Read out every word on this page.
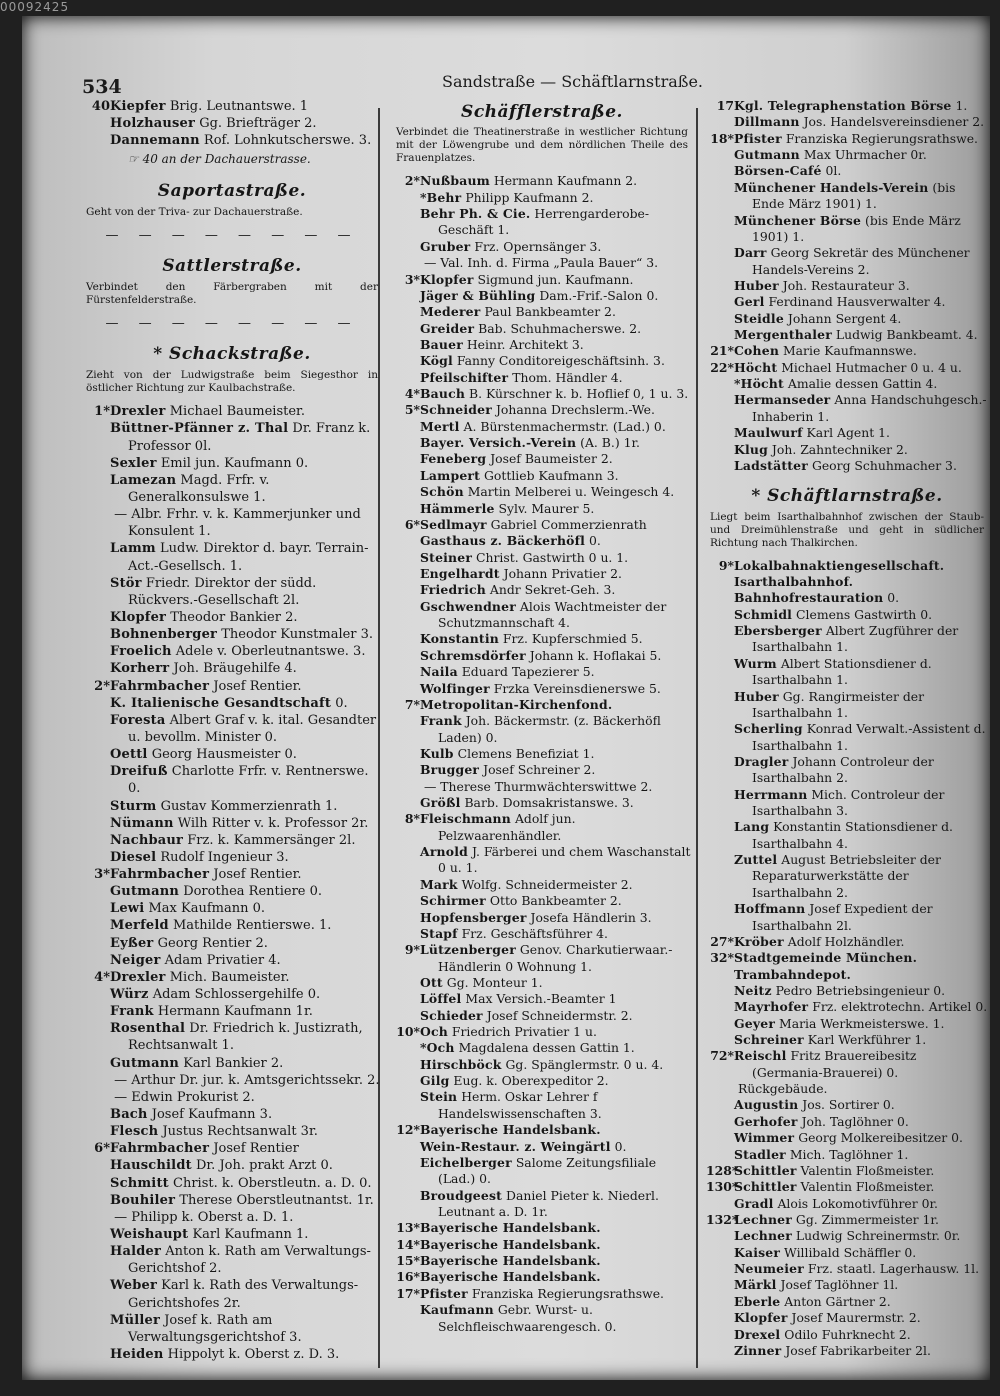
00092425
534	Sandstraße — Schäftlarnstraße.

40Kiepfer Brig. Leutnantswe. 1

Holzhauser Gg. Briefträger 2.

Dannemann Rof. Lohnkutscherswe. 3.

☞ 40 an der Dachauerstrasse.

Saportastraße.

Geht von der Triva- zur Dachauerstraße.

— — — — — — — —
Sattlerstraße.

Verbindet den Färbergraben mit der Fürstenfelderstraße.

— — — — — — — —
* Schackstraße.

Zieht von der Ludwigstraße beim Siegesthor in östlicher Richtung zur Kaulbachstraße.

1*Drexler Michael Baumeister.

Büttner-Pfänner z. Thal Dr. Franz k. Professor 0l.

Sexler Emil jun. Kaufmann 0.

Lamezan Magd. Frfr. v. Generalkonsulswe 1.

— Albr. Frhr. v. k. Kammerjunker und Konsulent 1.

Lamm Ludw. Direktor d. bayr. Terrain-Act.-Gesellsch. 1.

Stör Friedr. Direktor der südd. Rückvers.-Gesellschaft 2l.

Klopfer Theodor Bankier 2.

Bohnenberger Theodor Kunstmaler 3.

Froelich Adele v. Oberleutnantswe. 3.

Korherr Joh. Bräugehilfe 4.

2*Fahrmbacher Josef Rentier.

K. Italienische Gesandtschaft 0.

Foresta Albert Graf v. k. ital. Gesandter u. bevollm. Minister 0.

Oettl Georg Hausmeister 0.

Dreifuß Charlotte Frfr. v. Rentnerswe. 0.

Sturm Gustav Kommerzienrath 1.

Nümann Wilh Ritter v. k. Professor 2r.

Nachbaur Frz. k. Kammersänger 2l.

Diesel Rudolf Ingenieur 3.

3*Fahrmbacher Josef Rentier.

Gutmann Dorothea Rentiere 0.

Lewi Max Kaufmann 0.

Merfeld Mathilde Rentierswe. 1.

Eyßer Georg Rentier 2.

Neiger Adam Privatier 4.

4*Drexler Mich. Baumeister.

Würz Adam Schlossergehilfe 0.

Frank Hermann Kaufmann 1r.

Rosenthal Dr. Friedrich k. Justizrath, Rechtsanwalt 1.

Gutmann Karl Bankier 2.

— Arthur Dr. jur. k. Amtsgerichtssekr. 2.

— Edwin Prokurist 2.

Bach Josef Kaufmann 3.

Flesch Justus Rechtsanwalt 3r.

6*Fahrmbacher Josef Rentier

Hauschildt Dr. Joh. prakt Arzt 0.

Schmitt Christ. k. Oberstleutn. a. D. 0.

Bouhiler Therese Oberstleutnantst. 1r.

— Philipp k. Oberst a. D. 1.

Weishaupt Karl Kaufmann 1.

Halder Anton k. Rath am Verwaltungs-Gerichtshof 2.

Weber Karl k. Rath des Verwaltungs-Gerichtshofes 2r.

Müller Josef k. Rath am Verwaltungsgerichtshof 3.

Heiden Hippolyt k. Oberst z. D. 3.

Schäfflerstraße.

Verbindet die Theatinerstraße in westlicher Richtung mit der Löwengrube und dem nördlichen Theile des Frauenplatzes.

2*Nußbaum Hermann Kaufmann 2.

*Behr Philipp Kaufmann 2.

Behr Ph. & Cie. Herrengarderobe-Geschäft 1.

Gruber Frz. Opernsänger 3.

— Val. Inh. d. Firma „Paula Bauer“ 3.

3*Klopfer Sigmund jun. Kaufmann.

Jäger & Bühling Dam.-Frif.-Salon 0.

Mederer Paul Bankbeamter 2.

Greider Bab. Schuhmacherswe. 2.

Bauer Heinr. Architekt 3.

Kögl Fanny Conditoreigeschäftsinh. 3.

Pfeilschifter Thom. Händler 4.

4*Bauch B. Kürschner k. b. Hoflief 0, 1 u. 3.

5*Schneider Johanna Drechslerm.-We.

Mertl A. Bürstenmachermstr. (Lad.) 0.

Bayer. Versich.-Verein (A. B.) 1r.

Feneberg Josef Baumeister 2.

Lampert Gottlieb Kaufmann 3.

Schön Martin Melberei u. Weingesch 4.

Hämmerle Sylv. Maurer 5.

6*Sedlmayr Gabriel Commerzienrath

Gasthaus z. Bäckerhöfl 0.

Steiner Christ. Gastwirth 0 u. 1.

Engelhardt Johann Privatier 2.

Friedrich Andr Sekret-Geh. 3.

Gschwendner Alois Wachtmeister der Schutzmannschaft 4.

Konstantin Frz. Kupferschmied 5.

Schremsdörfer Johann k. Hoflakai 5.

Naila Eduard Tapezierer 5.

Wolfinger Frzka Vereinsdienerswe 5.

7*Metropolitan-Kirchenfond.

Frank Joh. Bäckermstr. (z. Bäckerhöfl Laden) 0.

Kulb Clemens Benefiziat 1.

Brugger Josef Schreiner 2.

— Therese Thurmwächterswittwe 2.

Größl Barb. Domsakristanswe. 3.

8*Fleischmann Adolf jun. Pelzwaarenhändler.

Arnold J. Färberei und chem Waschanstalt 0 u. 1.

Mark Wolfg. Schneidermeister 2.

Schirmer Otto Bankbeamter 2.

Hopfensberger Josefa Händlerin 3.

Stapf Frz. Geschäftsführer 4.

9*Lützenberger Genov. Charkutierwaar.-Händlerin 0 Wohnung 1.

Ott Gg. Monteur 1.

Löffel Max Versich.-Beamter 1

Schieder Josef Schneidermstr. 2.

10*Och Friedrich Privatier 1 u.

*Och Magdalena dessen Gattin 1.

Hirschböck Gg. Spänglermstr. 0 u. 4.

Gilg Eug. k. Oberexpeditor 2.

Stein Herm. Oskar Lehrer f Handelswissenschaften 3.

12*Bayerische Handelsbank.

Wein-Restaur. z. Weingärtl 0.

Eichelberger Salome Zeitungsfiliale (Lad.) 0.

Broudgeest Daniel Pieter k. Niederl. Leutnant a. D. 1r.

13*Bayerische Handelsbank.

14*Bayerische Handelsbank.

15*Bayerische Handelsbank.

16*Bayerische Handelsbank.

17*Pfister Franziska Regierungsrathswe.

Kaufmann Gebr. Wurst- u. Selchfleischwaarengesch. 0.

17Kgl. Telegraphenstation Börse 1.

Dillmann Jos. Handelsvereinsdiener 2.

18*Pfister Franziska Regierungsrathswe.

Gutmann Max Uhrmacher 0r.

Börsen-Café 0l.

Münchener Handels-Verein (bis Ende März 1901) 1.

Münchener Börse (bis Ende März 1901) 1.

Darr Georg Sekretär des Münchener Handels-Vereins 2.

Huber Joh. Restaurateur 3.

Gerl Ferdinand Hausverwalter 4.

Steidle Johann Sergent 4.

Mergenthaler Ludwig Bankbeamt. 4.

21*Cohen Marie Kaufmannswe.

22*Höcht Michael Hutmacher 0 u. 4 u.

*Höcht Amalie dessen Gattin 4.

Hermanseder Anna Handschuhgesch.-Inhaberin 1.

Maulwurf Karl Agent 1.

Klug Joh. Zahntechniker 2.

Ladstätter Georg Schuhmacher 3.

* Schäftlarnstraße.

Liegt beim Isarthalbahnhof zwischen der Staub- und Dreimühlenstraße und geht in südlicher Richtung nach Thalkirchen.

9*Lokalbahnaktiengesellschaft.

Isarthalbahnhof.

Bahnhofrestauration 0.

Schmidl Clemens Gastwirth 0.

Ebersberger Albert Zugführer der Isarthalbahn 1.

Wurm Albert Stationsdiener d. Isarthalbahn 1.

Huber Gg. Rangirmeister der Isarthalbahn 1.

Scherling Konrad Verwalt.-Assistent d. Isarthalbahn 1.

Dragler Johann Controleur der Isarthalbahn 2.

Herrmann Mich. Controleur der Isarthalbahn 3.

Lang Konstantin Stationsdiener d. Isarthalbahn 4.

Zuttel August Betriebsleiter der Reparaturwerkstätte der Isarthalbahn 2.

Hoffmann Josef Expedient der Isarthalbahn 2l.

27*Kröber Adolf Holzhändler.

32*Stadtgemeinde München.

Trambahndepot.

Neitz Pedro Betriebsingenieur 0.

Mayrhofer Frz. elektrotechn. Artikel 0.

Geyer Maria Werkmeisterswe. 1.

Schreiner Karl Werkführer 1.

72*Reischl Fritz Brauereibesitz (Germania-Brauerei) 0.

Rückgebäude.

Augustin Jos. Sortirer 0.

Gerhofer Joh. Taglöhner 0.

Wimmer Georg Molkereibesitzer 0.

Stadler Mich. Taglöhner 1.

128*Schittler Valentin Floßmeister.

130*Schittler Valentin Floßmeister.

Gradl Alois Lokomotivführer 0r.

132*Lechner Gg. Zimmermeister 1r.

Lechner Ludwig Schreinermstr. 0r.

Kaiser Willibald Schäffler 0.

Neumeier Frz. staatl. Lagerhausw. 1l.

Märkl Josef Taglöhner 1l.

Eberle Anton Gärtner 2.

Klopfer Josef Maurermstr. 2.

Drexel Odilo Fuhrknecht 2.

Zinner Josef Fabrikarbeiter 2l.
